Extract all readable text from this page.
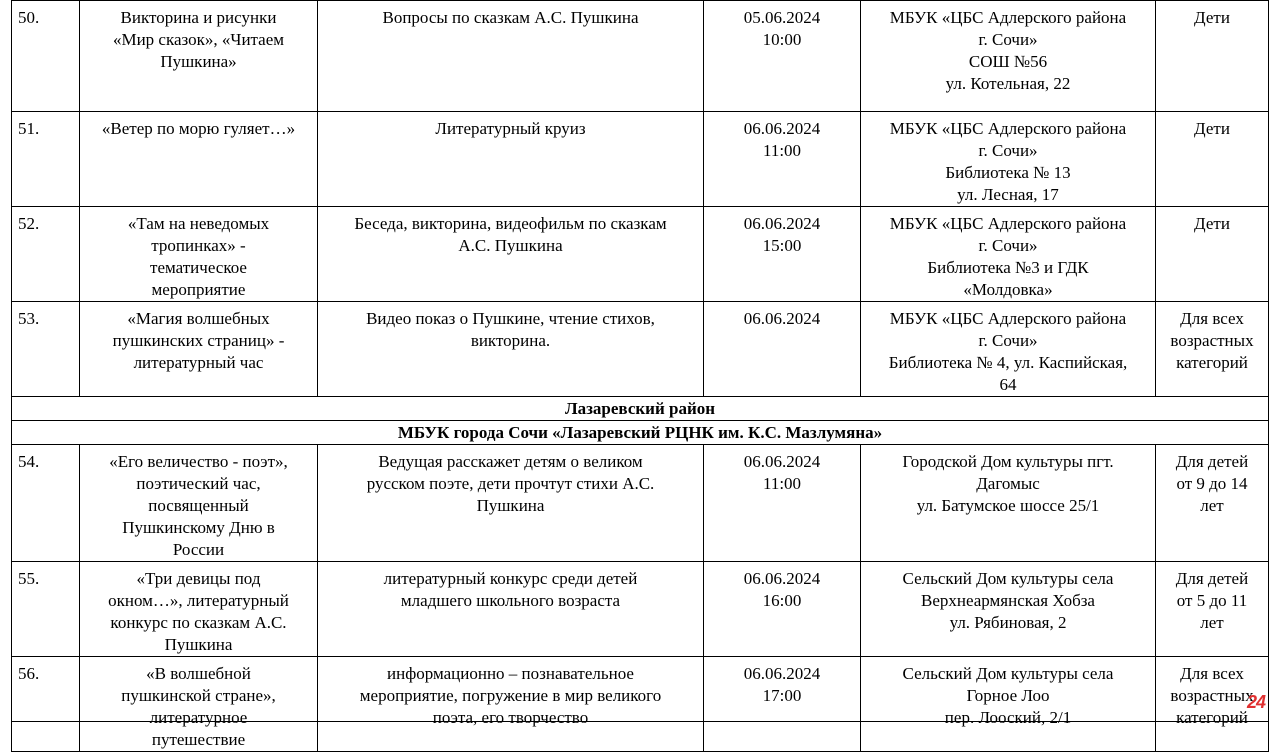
50.	Викторина и рисунки
«Мир сказок», «Читаем
Пушкина»	Вопросы по сказкам А.С. Пушкина	05.06.2024
10:00	МБУК «ЦБС Адлерского района
г. Сочи»
СОШ №56
ул. Котельная, 22	Дети

51.	«Ветер по морю гуляет…»	Литературный круиз	06.06.2024
11:00	МБУК «ЦБС Адлерского района
г. Сочи»
Библиотека № 13
ул. Лесная, 17	Дети

52.	«Там на неведомых
тропинках» -
тематическое
мероприятие	Беседа, викторина, видеофильм по сказкам
А.С. Пушкина	06.06.2024
15:00	МБУК «ЦБС Адлерского района
г. Сочи»
Библиотека №3 и ГДК
«Молдовка»	Дети

53.	«Магия волшебных
пушкинских страниц» -
литературный час	Видео показ о Пушкине, чтение стихов,
викторина.	06.06.2024	МБУК «ЦБС Адлерского района
г. Сочи»
Библиотека № 4, ул. Каспийская,
64	Для всех
возрастных
категорий

Лазаревский район					
МБУК города Сочи «Лазаревский РЦНК им. К.С. Мазлумяна»					
54.	«Его величество - поэт»,
поэтический час,
посвященный
Пушкинскому Дню в
России	Ведущая расскажет детям о великом
русском поэте, дети прочтут стихи А.С.
Пушкина	06.06.2024
11:00	Городской Дом культуры пгт.
Дагомыс
ул. Батумское шоссе 25/1	Для детей
от 9 до 14
лет

55.	«Три девицы под
окном…», литературный
конкурс по сказкам А.С.
Пушкина	литературный конкурс среди детей
младшего школьного возраста	06.06.2024
16:00	Сельский Дом культуры села
Верхнеармянская Хобза
ул. Рябиновая, 2	Для детей
от 5 до 11
лет

56.	«В волшебной
пушкинской стране»,
литературное
путешествие	информационно – познавательное
мероприятие, погружение в мир великого
поэта, его творчество	06.06.2024
17:00	Сельский Дом культуры села
Горное Лоо
пер. Лооский, 2/1	Для всех
возрастных
категорий
24
